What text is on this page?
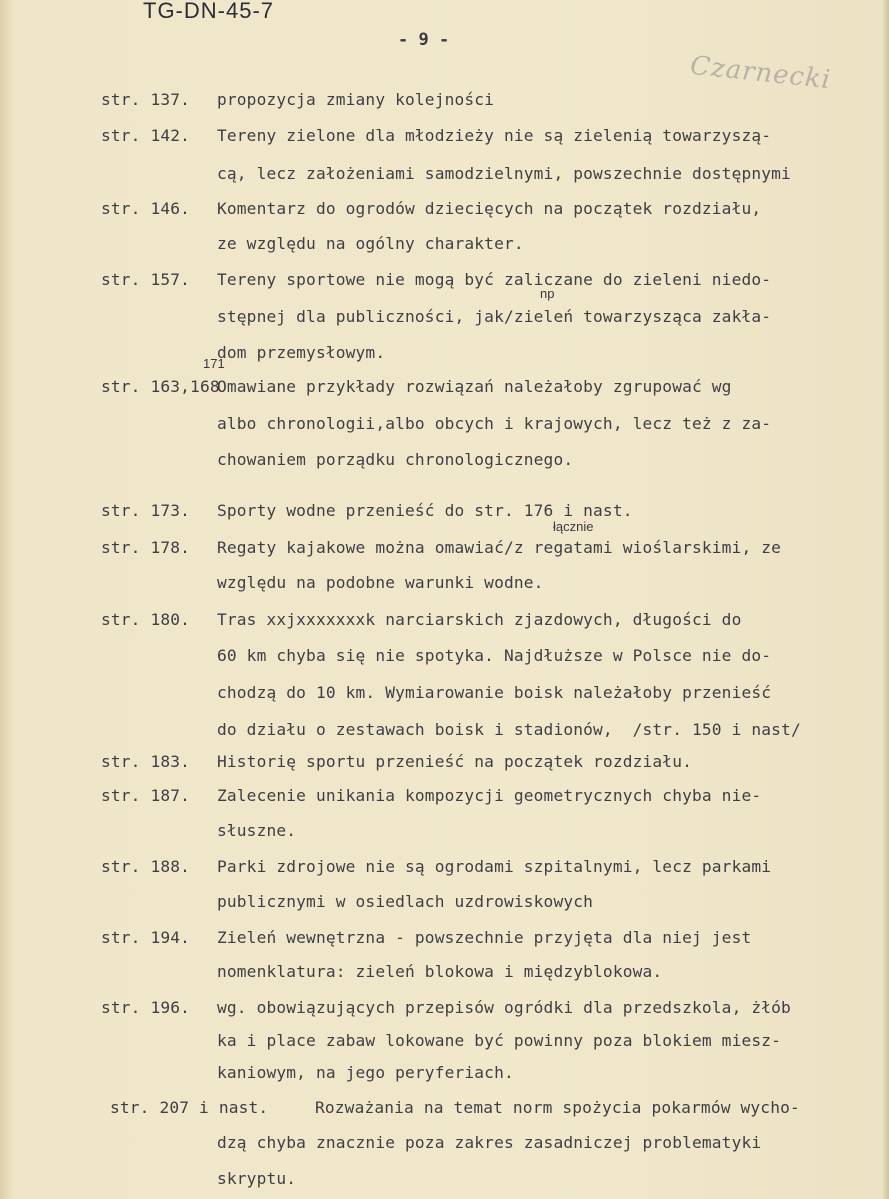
TG-DN-45-7
- 9 -
Czarnecki

str. 137.

propozycja zmiany kolejności

str. 142.

Tereny zielone dla młodzieży nie są zielenią towarzyszą-

cą, lecz założeniami samodzielnymi, powszechnie dostępnymi

str. 146.

Komentarz do ogrodów dziecięcych na początek rozdziału,

ze względu na ogólny charakter.

str. 157.

Tereny sportowe nie mogą być zaliczane do zieleni niedo-

stępnej dla publiczności, jak/zieleń towarzysząca zakła-

dom przemysłowym.

np

str. 163,168

Omawiane przykłady rozwiązań należałoby zgrupować wg

albo chronologii,albo obcych i krajowych, lecz też z za-

chowaniem porządku chronologicznego.

171

str. 173.

Sporty wodne przenieść do str. 176 i nast.

str. 178.

Regaty kajakowe można omawiać/z regatami wioślarskimi, ze

względu na podobne warunki wodne.

łącznie

str. 180.

Tras xxjxxxxxxxk narciarskich zjazdowych, długości do

60 km chyba się nie spotyka. Najdłuższe w Polsce nie do-

chodzą do 10 km. Wymiarowanie boisk należałoby przenieść

do działu o zestawach boisk i stadionów,  /str. 150 i nast/

str. 183.

Historię sportu przenieść na początek rozdziału.

str. 187.

Zalecenie unikania kompozycji geometrycznych chyba nie-

słuszne.

str. 188.

Parki zdrojowe nie są ogrodami szpitalnymi, lecz parkami

publicznymi w osiedlach uzdrowiskowych

str. 194.

Zieleń wewnętrzna - powszechnie przyjęta dla niej jest

nomenklatura: zieleń blokowa i międzyblokowa.

str. 196.

wg. obowiązujących przepisów ogródki dla przedszkola, żłób

ka i place zabaw lokowane być powinny poza blokiem miesz-

kaniowym, na jego peryferiach.

str. 207 i nast.

	Rozważania na temat norm spożycia pokarmów wycho-

dzą chyba znacznie poza zakres zasadniczej problematyki

skryptu.
